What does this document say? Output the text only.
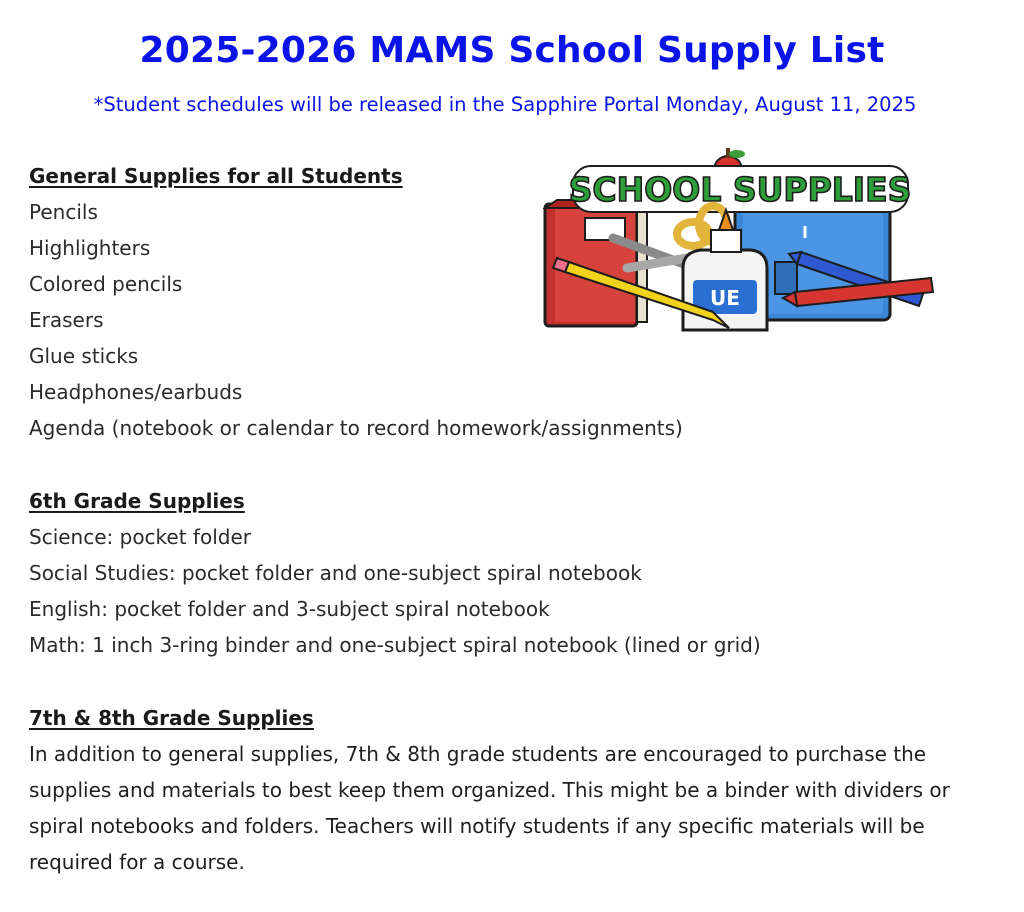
2025-2026 MAMS School Supply List

*Student schedules will be released in the Sapphire Portal Monday, August 11, 2025

SCHOOL SUPPLIES
UE

General Supplies for all Students

Pencils

Highlighters

Colored pencils

Erasers

Glue sticks

Headphones/earbuds

Agenda (notebook or calendar to record homework/assignments)

6th Grade Supplies

Science: pocket folder

Social Studies: pocket folder and one-subject spiral notebook

English: pocket folder and 3-subject spiral notebook

Math: 1 inch 3-ring binder and one-subject spiral notebook (lined or grid)

7th & 8th Grade Supplies

In addition to general supplies, 7th & 8th grade students are encouraged to purchase the supplies and materials to best keep them organized. This might be a binder with dividers or spiral notebooks and folders. Teachers will notify students if any specific materials will be required for a course.
